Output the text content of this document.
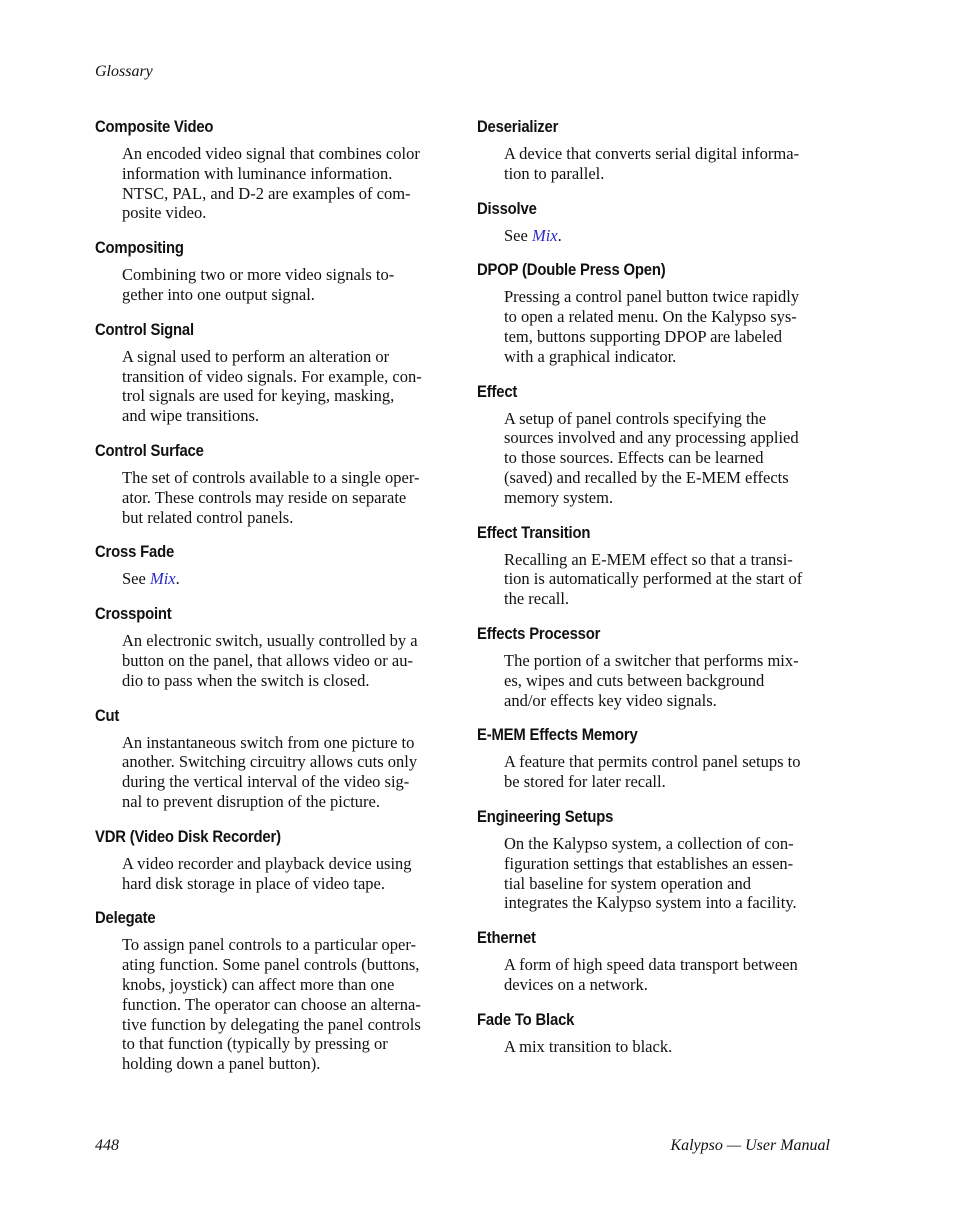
Glossary
Composite Video
An encoded video signal that combines color
information with luminance information.
NTSC, PAL, and D-2 are examples of com-
posite video.
Compositing
Combining two or more video signals to-
gether into one output signal.
Control Signal
A signal used to perform an alteration or
transition of video signals. For example, con-
trol signals are used for keying, masking,
and wipe transitions.
Control Surface
The set of controls available to a single oper-
ator. These controls may reside on separate
but related control panels.
Cross Fade
See Mix.
Crosspoint
An electronic switch, usually controlled by a
button on the panel, that allows video or au-
dio to pass when the switch is closed.
Cut
An instantaneous switch from one picture to
another. Switching circuitry allows cuts only
during the vertical interval of the video sig-
nal to prevent disruption of the picture.
VDR (Video Disk Recorder)
A video recorder and playback device using
hard disk storage in place of video tape.
Delegate
To assign panel controls to a particular oper-
ating function. Some panel controls (buttons,
knobs, joystick) can affect more than one
function. The operator can choose an alterna-
tive function by delegating the panel controls
to that function (typically by pressing or
holding down a panel button).
Deserializer
A device that converts serial digital informa-
tion to parallel.
Dissolve
See Mix.
DPOP (Double Press Open)
Pressing a control panel button twice rapidly
to open a related menu. On the Kalypso sys-
tem, buttons supporting DPOP are labeled
with a graphical indicator.
Effect
A setup of panel controls specifying the
sources involved and any processing applied
to those sources. Effects can be learned
(saved) and recalled by the E-MEM effects
memory system.
Effect Transition
Recalling an E-MEM effect so that a transi-
tion is automatically performed at the start of
the recall.
Effects Processor
The portion of a switcher that performs mix-
es, wipes and cuts between background
and/or effects key video signals.
E-MEM Effects Memory
A feature that permits control panel setups to
be stored for later recall.
Engineering Setups
On the Kalypso system, a collection of con-
figuration settings that establishes an essen-
tial baseline for system operation and
integrates the Kalypso system into a facility.
Ethernet
A form of high speed data transport between
devices on a network.
Fade To Black
A mix transition to black.
448	Kalypso — User Manual
